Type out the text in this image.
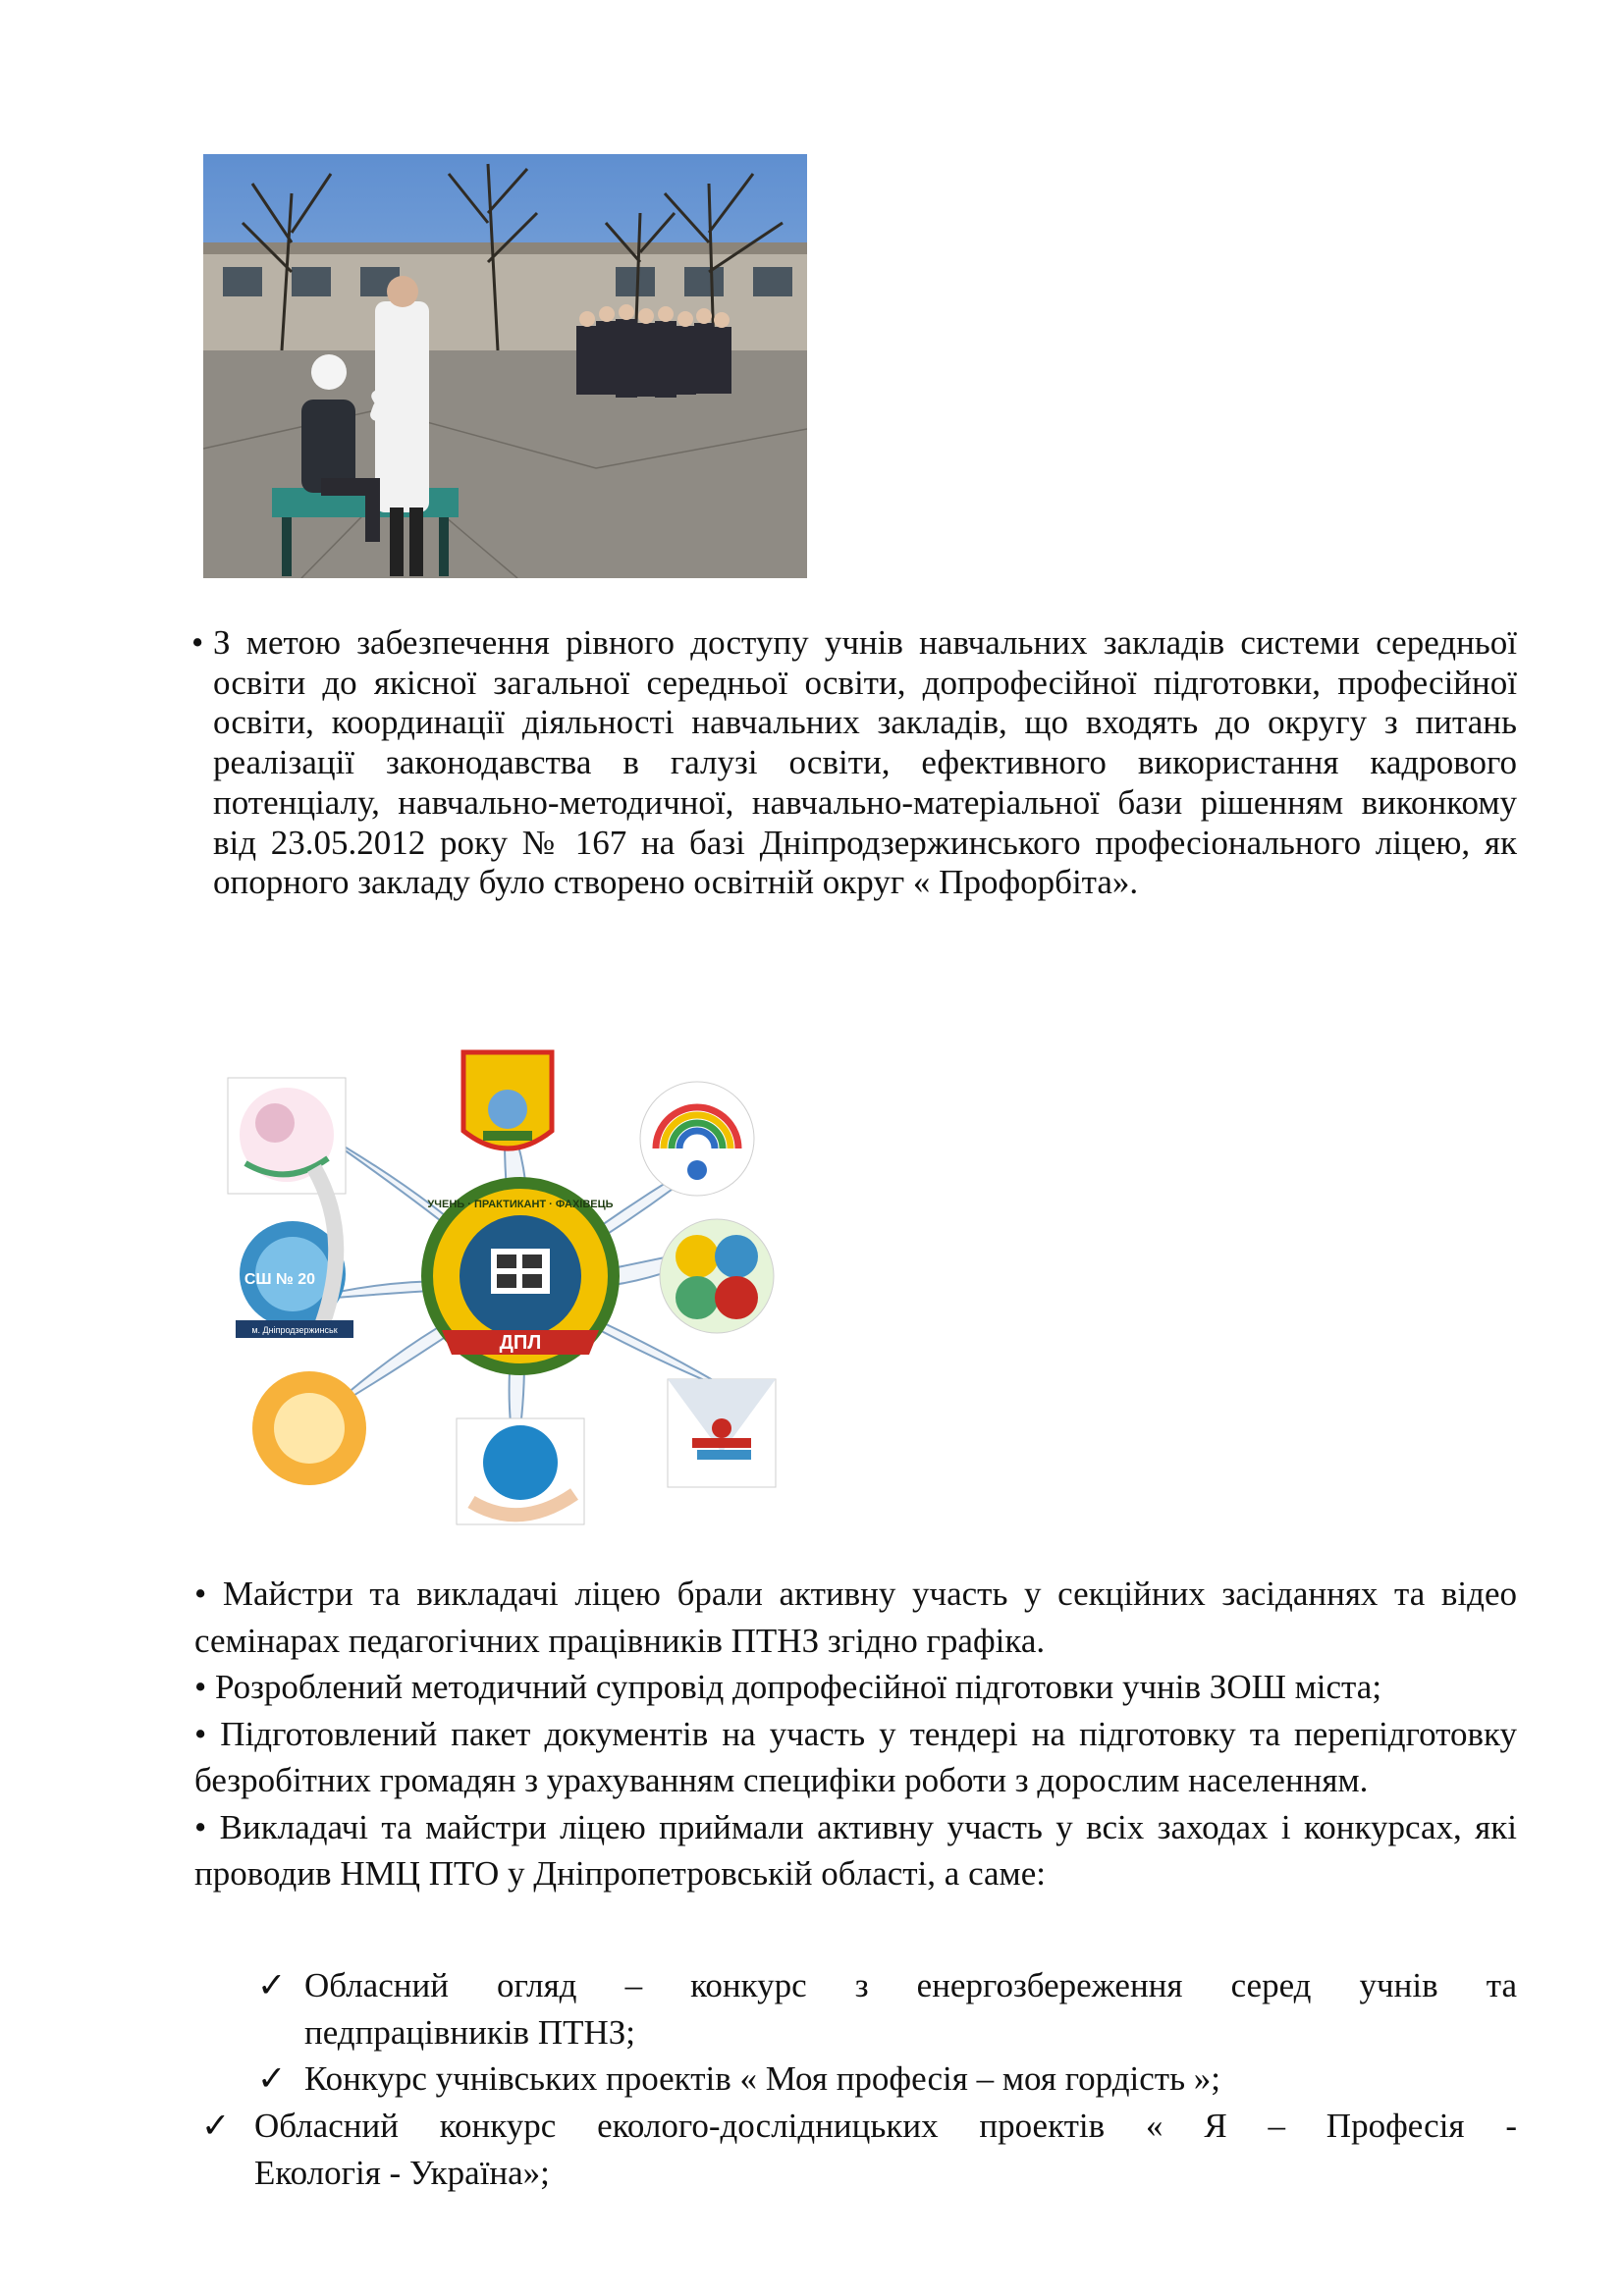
• З метою забезпечення рівного доступу учнів навчальних закладів системи середньої освіти до якісної загальної середньої освіти, допрофесійної підготовки, професійної освіти, координації діяльності навчальних закладів, що входять до округу з питань реалізації законодавства в галузі освіти, ефективного використання кадрового потенціалу, навчально-методичної, навчально-матеріальної бази рішенням виконкому від 23.05.2012 року № 167 на базі Дніпродзержинського професіонального ліцею, як опорного закладу було створено освітній округ « Профорбіта».
ДПЛ
УЧЕНЬ · ПРАКТИКАНТ · ФАХІВЕЦЬ
СШ № 20
м. Дніпродзержинськ

• Майстри та викладачі ліцею брали активну участь у секційних засіданнях та відео семінарах педагогічних працівників ПТНЗ згідно графіка.

• Розроблений методичний супровід допрофесійної підготовки учнів ЗОШ міста;

• Підготовлений пакет документів на участь у тендері на підготовку та перепідготовку безробітних громадян з урахуванням специфіки роботи з дорослим населенням.

• Викладачі та майстри ліцею приймали активну участь у всіх заходах і конкурсах, які проводив НМЦ ПТО у Дніпропетровській області, а саме:

✓ Обласний огляд – конкурс з енергозбереження серед учнів та
педпрацівників ПТНЗ;
✓ Конкурс учнівських проектів « Моя професія – моя гордість »;
✓ Обласний конкурс еколого-дослідницьких проектів « Я – Професія -
Екологія - Україна»;
